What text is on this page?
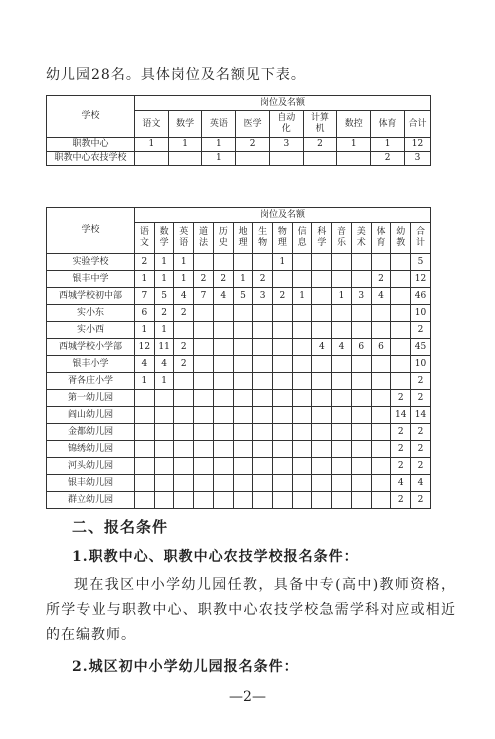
幼儿园28名。具体岗位及名额见下表。
学校	岗位及名额								
	语文	数学	英语	医学	自动化	计算机	数控	体育	合计
职教中心	1	1	1	2	3	2	1	1	12
职教中心农技学校			1					2	3
学校	岗位及名额														
	语文	数学	英语	道法	历史	地理	生物	物理	信息	科学	音乐	美术	体育	幼教	合计
实验学校	2	1	1					1							5
银丰中学	1	1	1	2	2	1	2						2		12
西城学校初中部	7	5	4	7	4	5	3	2	1		1	3	4		46
实小东	6	2	2												10
实小西	1	1													2
西城学校小学部	12	11	2							4	4	6	6		45
银丰小学	4	4	2												10
胥各庄小学	1	1													2
第一幼儿园														2	2
阎山幼儿园														14	14
金都幼儿园														2	2
锦绣幼儿园														2	2
河头幼儿园														2	2
银丰幼儿园														4	4
群立幼儿园														2	2
二、报名条件
1.职教中心、职教中心农技学校报名条件：
现在我区中小学幼儿园任教，具备中专(高中)教师资格，所学专业与职教中心、职教中心农技学校急需学科对应或相近的在编教师。
2.城区初中小学幼儿园报名条件：
—2—
